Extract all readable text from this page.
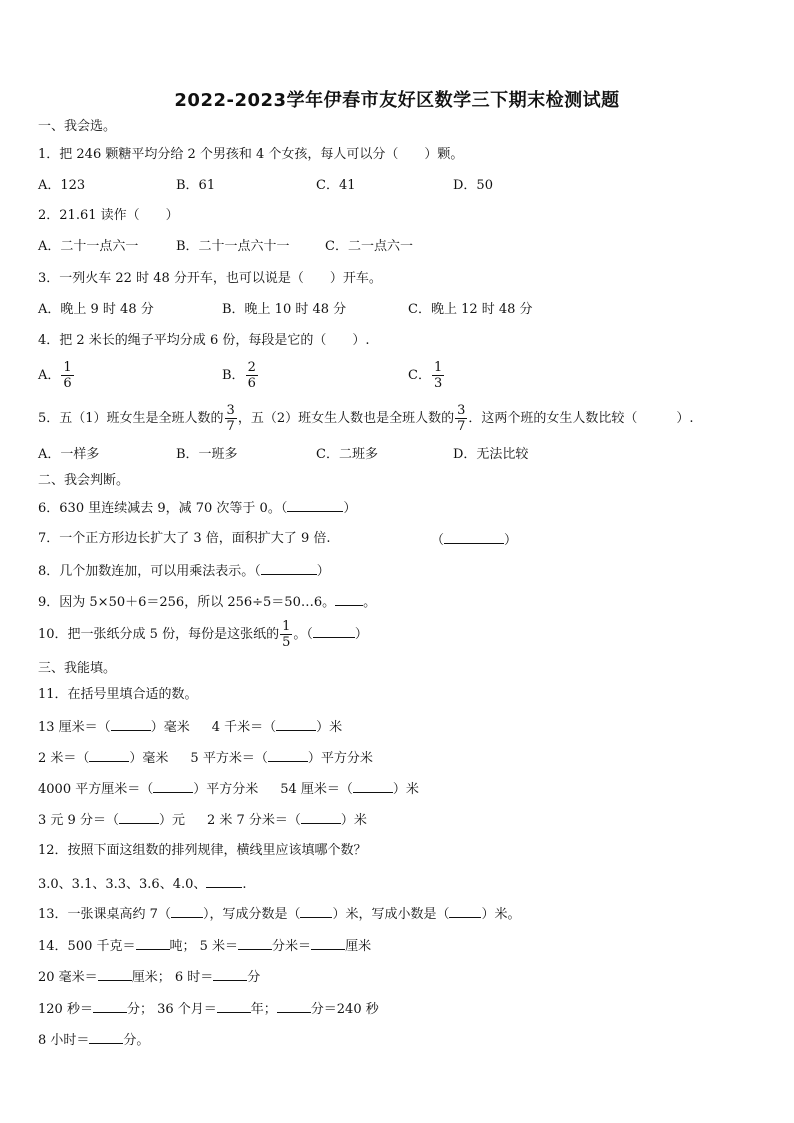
2022-2023学年伊春市友好区数学三下期末检测试题
一、我会选。
1．把 246 颗糖平均分给 2 个男孩和 4 个女孩，每人可以分（　　）颗。
A．123	B．61	C．41	D．50
2．21.61 读作（　　）
A．二十一点六一	B．二十一点六十一	C．二一点六一
3．一列火车 22 时 48 分开车，也可以说是（　　）开车。
A．晚上 9 时 48 分	B．晚上 10 时 48 分	C．晚上 12 时 48 分
4．把 2 米长的绳子平均分成 6 份，每段是它的（　　）.
A． $\frac{1}{6}$	B． $\frac{2}{6}$	C． $\frac{1}{3}$
5．五（1）班女生是全班人数的 $\frac{3}{7}$ ，五（2）班女生人数也是全班人数的 $\frac{3}{7}$ ．这两个班的女生人数比较（　　　）.
A．一样多	B．一班多	C．二班多	D．无法比较
二、我会判断。
6．630 里连续减去 9，减 70 次等于 0。（	）
7．一个正方形边长扩大了 3 倍，面积扩大了 9 倍.	（	）
8．几个加数连加，可以用乘法表示。（	）
9．因为 5×50＋6＝256，所以 256÷5＝50…6。 。
10．把一张纸分成 5 份，每份是这张纸的 $\frac{1}{5}$ 。（	）
三、我能填。
11．在括号里填合适的数。
13 厘米＝（	）毫米 4 千米＝（	）米
2 米＝（	）毫米 5 平方米＝（	）平方分米
4000 平方厘米＝（	）平方分米 54 厘米＝（	）米
3 元 9 分＝（	）元 2 米 7 分米＝（	）米
12．按照下面这组数的排列规律，横线里应该填哪个数？
3.0、3.1、3.3、3.6、4.0、	.
13．一张课桌高约 7（ ），写成分数是（ ）米，写成小数是（ ）米。
14．500 千克＝	吨； 5 米＝	分米＝	厘米
20 毫米＝	厘米； 6 时＝	分
120 秒＝	分； 36 个月＝	年；	分＝240 秒
8 小时＝	分。
